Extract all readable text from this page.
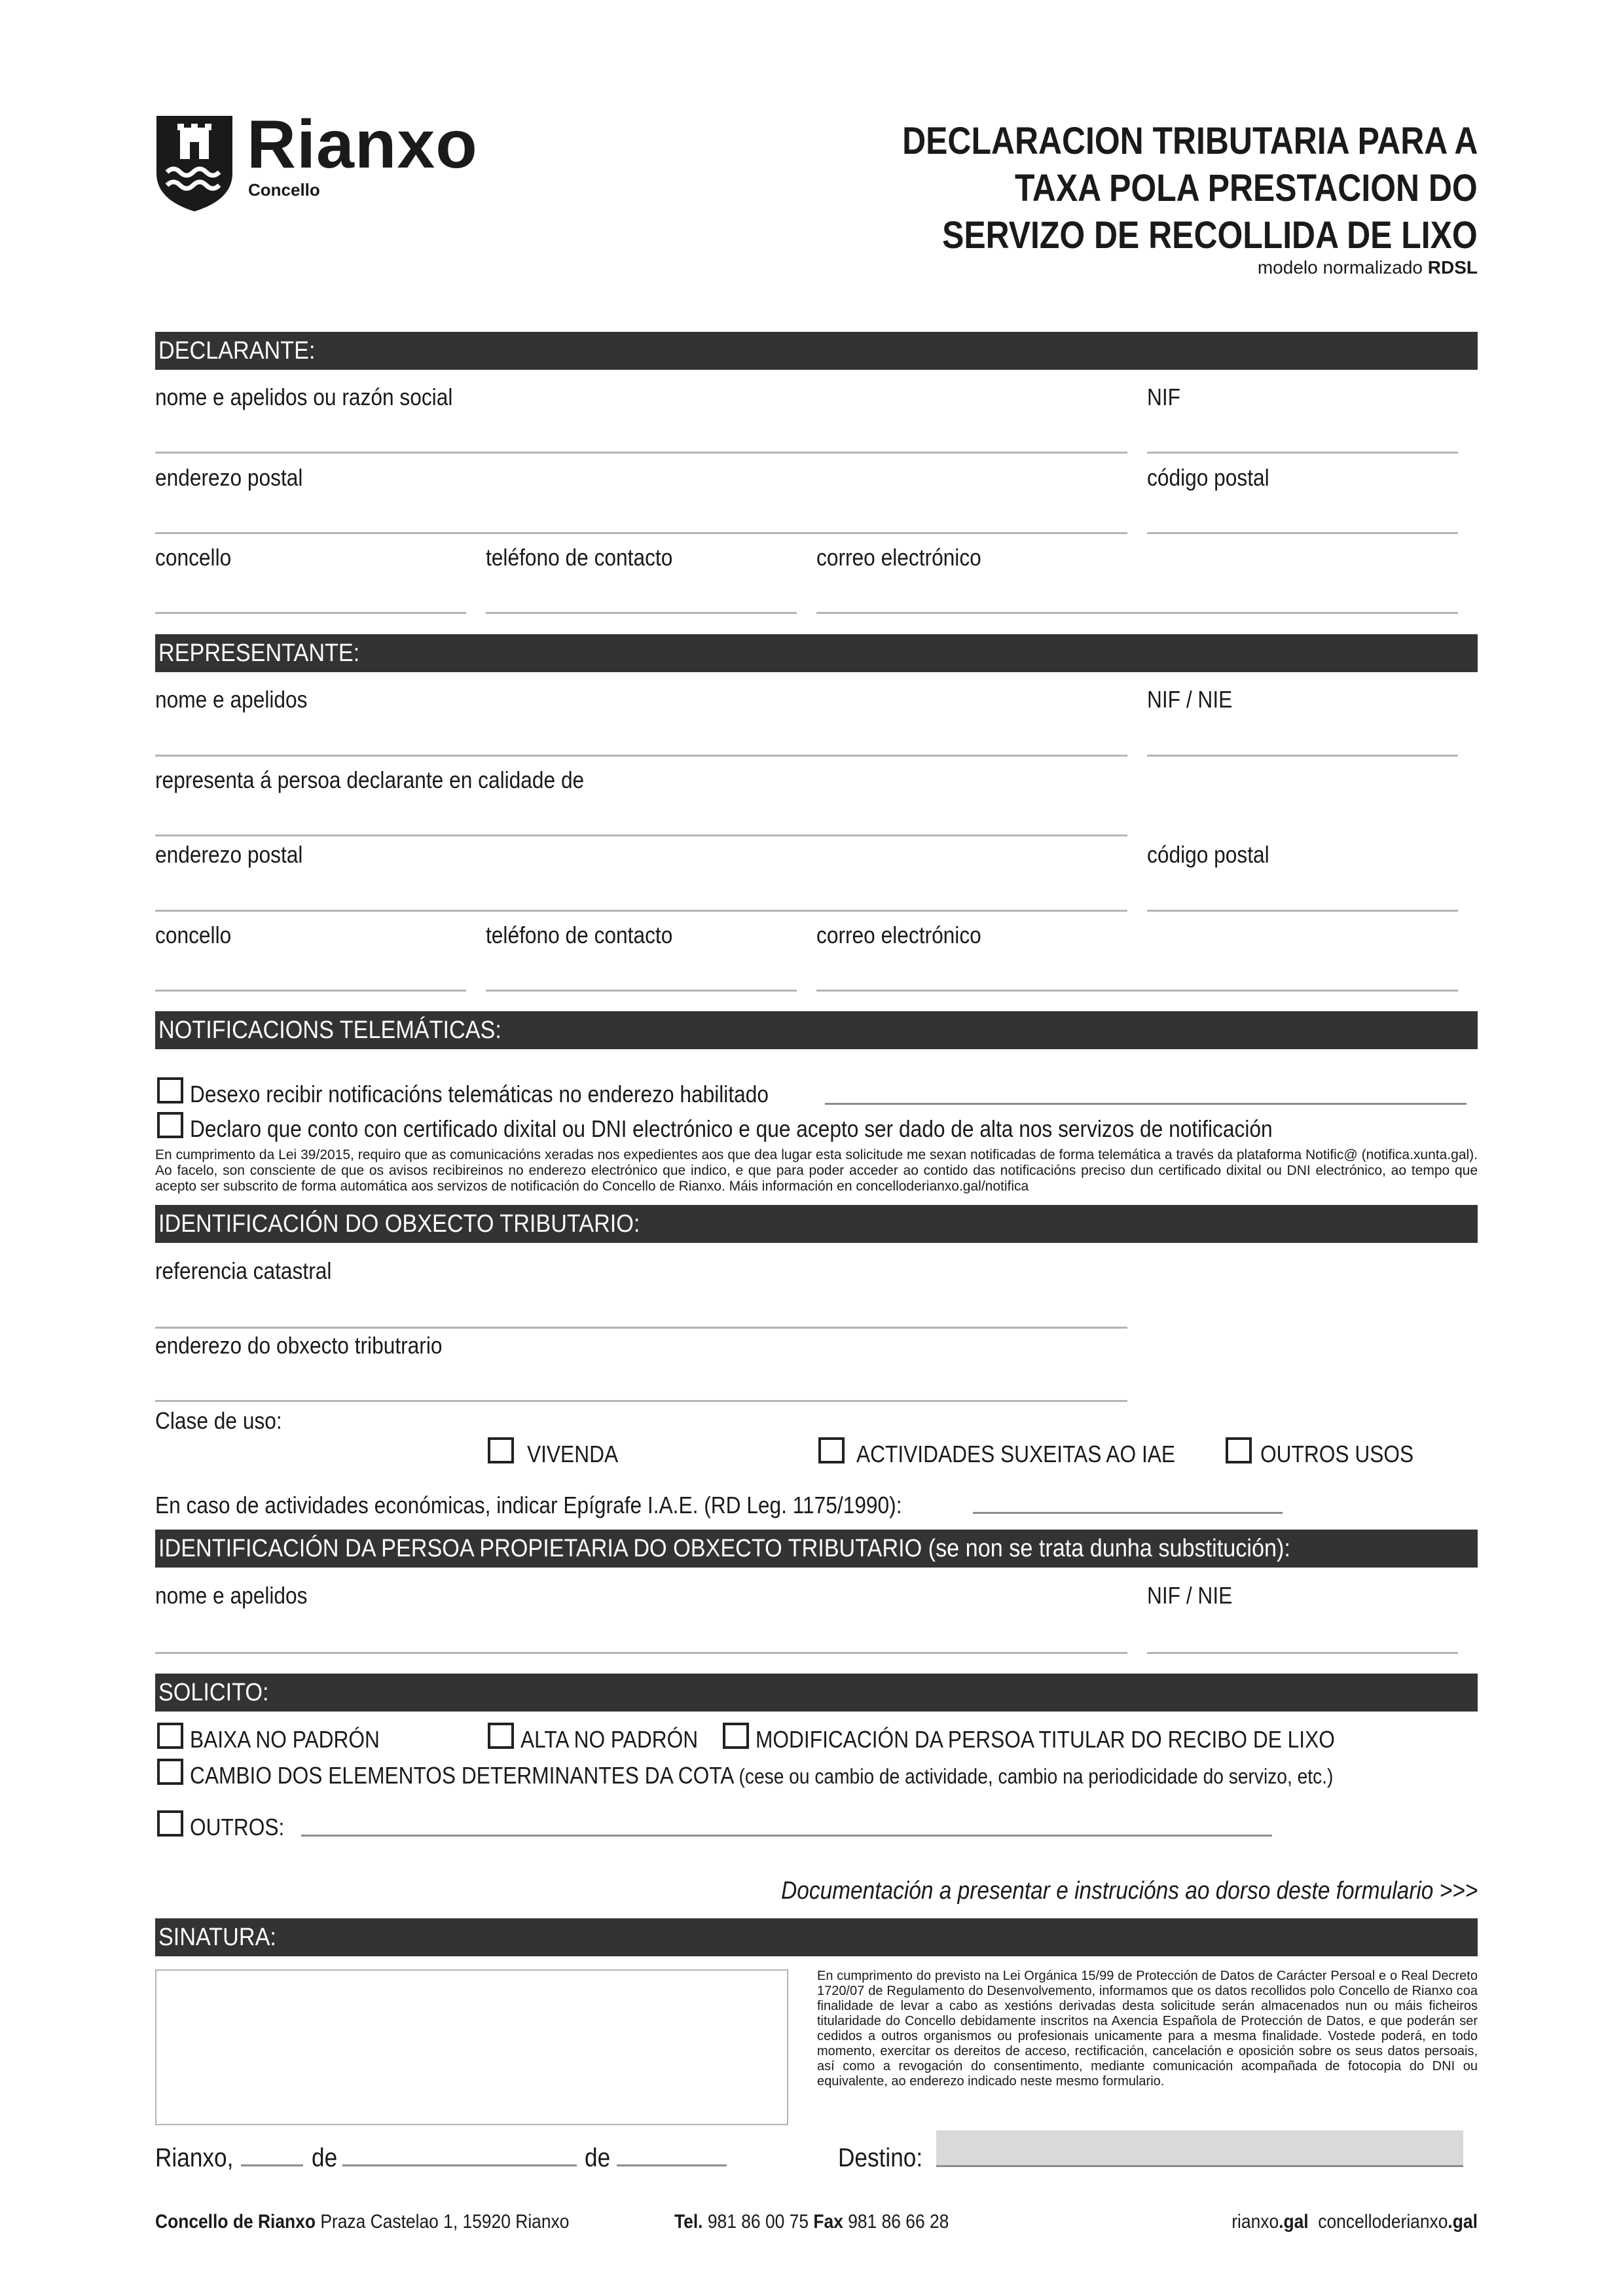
Rianxo
Concello
DECLARACION TRIBUTARIA PARA A
TAXA POLA PRESTACION DO
SERVIZO DE RECOLLIDA DE LIXO
modelo normalizado RDSL
DECLARANTE:
nome e apelidos ou razón social	NIF
enderezo postal	código postal
concello	teléfono de contacto	correo electrónico
REPRESENTANTE:
nome e apelidos	NIF / NIE
representa á persoa declarante en calidade de
enderezo postal	código postal
concello	teléfono de contacto	correo electrónico
NOTIFICACIONS TELEMÁTICAS:
Desexo recibir notificacións telemáticas no enderezo habilitado
Declaro que conto con certificado dixital ou DNI electrónico e que acepto ser dado de alta nos servizos de notificación
En cumprimento da Lei 39/2015, requiro que as comunicacións xeradas nos expedientes aos que dea lugar esta solicitude me sexan notificadas de forma telemática a través da plataforma Notific@ (notifica.xunta.gal). Ao facelo, son consciente de que os avisos recibireinos no enderezo electrónico que indico, e que para poder acceder ao contido das notificacións preciso dun certificado dixital ou DNI electrónico, ao tempo que acepto ser subscrito de forma automática aos servizos de notificación do Concello de Rianxo. Máis información en concelloderianxo.gal/notifica
IDENTIFICACIÓN DO OBXECTO TRIBUTARIO:
referencia catastral
enderezo do obxecto tributrario
Clase de uso:
VIVENDA	ACTIVIDADES SUXEITAS AO IAE	OUTROS USOS
En caso de actividades económicas, indicar Epígrafe I.A.E. (RD Leg. 1175/1990):
IDENTIFICACIÓN DA PERSOA PROPIETARIA DO OBXECTO TRIBUTARIO (se non se trata dunha substitución):
nome e apelidos	NIF / NIE
SOLICITO:
BAIXA NO PADRÓN	ALTA NO PADRÓN MODIFICACIÓN DA PERSOA TITULAR DO RECIBO DE LIXO
CAMBIO DOS ELEMENTOS DETERMINANTES DA COTA (cese ou cambio de actividade, cambio na periodicidade do servizo, etc.)
OUTROS:
Documentación a presentar e instrucións ao dorso deste formulario >>>
SINATURA:
En cumprimento do previsto na Lei Orgánica 15/99 de Protección de Datos de Carácter Persoal e o Real Decreto 1720/07 de Regulamento do Desenvolvemento, informamos que os datos recollidos polo Concello de Rianxo coa finalidade de levar a cabo as xestións derivadas desta solicitude serán almacenados nun ou máis ficheiros titularidade do Concello debidamente inscritos na Axencia Española de Protección de Datos, e que poderán ser cedidos a outros organismos ou profesionais unicamente para a mesma finalidade. Vostede poderá, en todo momento, exercitar os dereitos de acceso, rectificación, cancelación e oposición sobre os seus datos persoais, así como a revogación do consentimento, mediante comunicación acompañada de fotocopia do DNI ou equivalente, ao enderezo indicado neste mesmo formulario.
Rianxo,	de	de	Destino:
Concello de Rianxo Praza Castelao 1, 15920 Rianxo	Tel. 981 86 00 75 Fax 981 86 66 28	rianxo.gal concelloderianxo.gal
